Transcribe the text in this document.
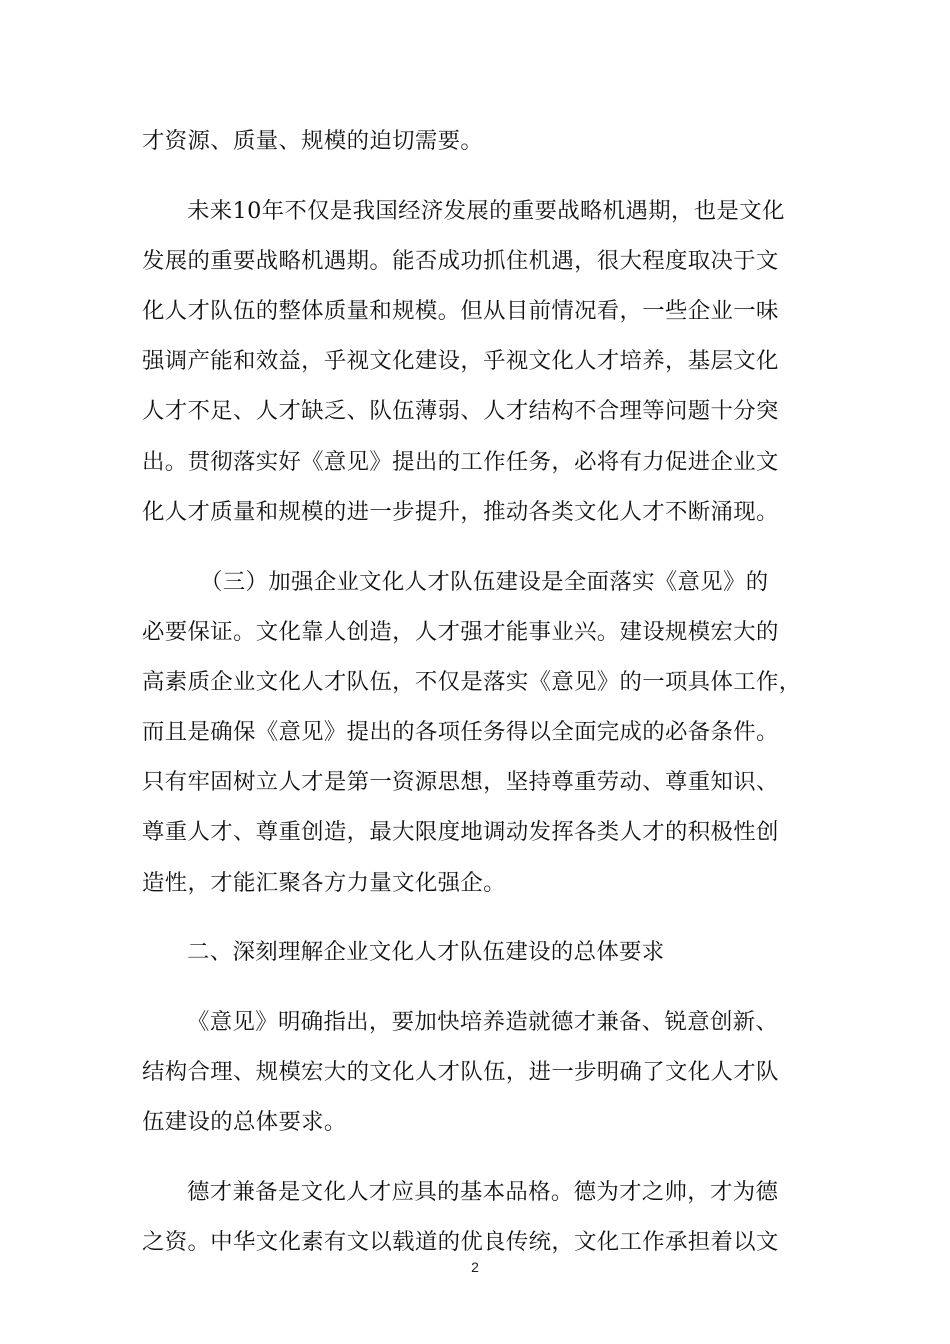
才资源、质量、规模的迫切需要。
未来10年不仅是我国经济发展的重要战略机遇期，也是文化
发展的重要战略机遇期。能否成功抓住机遇，很大程度取决于文
化人才队伍的整体质量和规模。但从目前情况看，一些企业一味
强调产能和效益，乎视文化建设，乎视文化人才培养，基层文化
人才不足、人才缺乏、队伍薄弱、人才结构不合理等问题十分突
出。贯彻落实好《意见》提出的工作任务，必将有力促进企业文
化人才质量和规模的进一步提升，推动各类文化人才不断涌现。
（三）加强企业文化人才队伍建设是全面落实《意见》的
必要保证。文化靠人创造，人才强才能事业兴。建设规模宏大的
高素质企业文化人才队伍，不仅是落实《意见》的一项具体工作，
而且是确保《意见》提出的各项任务得以全面完成的必备条件。
只有牢固树立人才是第一资源思想，坚持尊重劳动、尊重知识、
尊重人才、尊重创造，最大限度地调动发挥各类人才的积极性创
造性，才能汇聚各方力量文化强企。
二、深刻理解企业文化人才队伍建设的总体要求
《意见》明确指出，要加快培养造就德才兼备、锐意创新、
结构合理、规模宏大的文化人才队伍，进一步明确了文化人才队
伍建设的总体要求。
德才兼备是文化人才应具的基本品格。德为才之帅，才为德
之资。中华文化素有文以载道的优良传统，文化工作承担着以文
2
